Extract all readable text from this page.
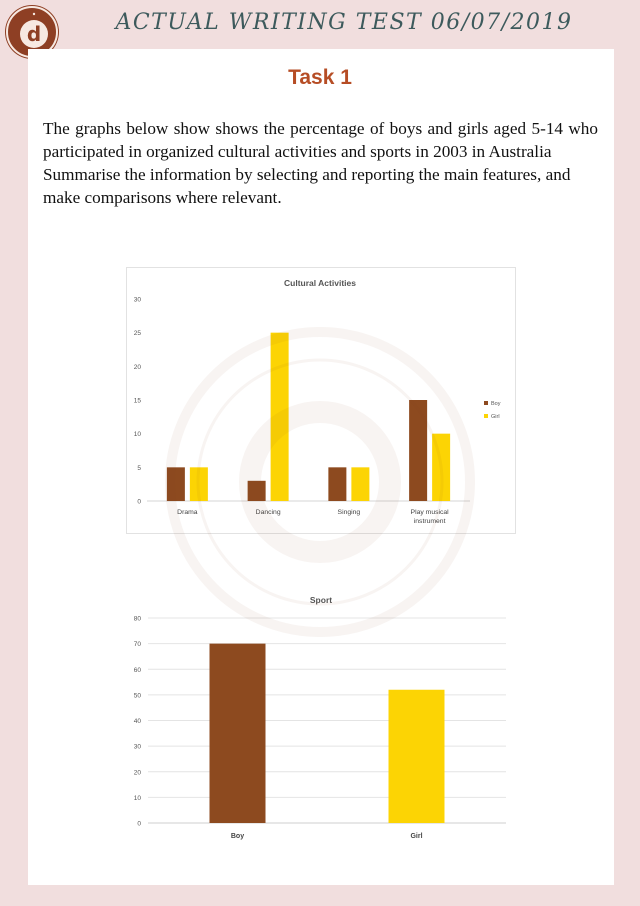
d	ACTUAL WRITING TEST 06/07/2019
Task 1

The graphs below show shows the percentage of boys and girls aged 5-14 who participated in organized cultural activities and sports in 2003 in Australia

Summarise the information by selecting and reporting the main features, and make comparisons where relevant.

Cultural Activities
0
5
10
15
20
25
30
Drama	Dancing	Singing	Play musical
instrument
Boy
Girl
Sport
0
10
20
30
40
50
60
70
80
Boy	Girl
